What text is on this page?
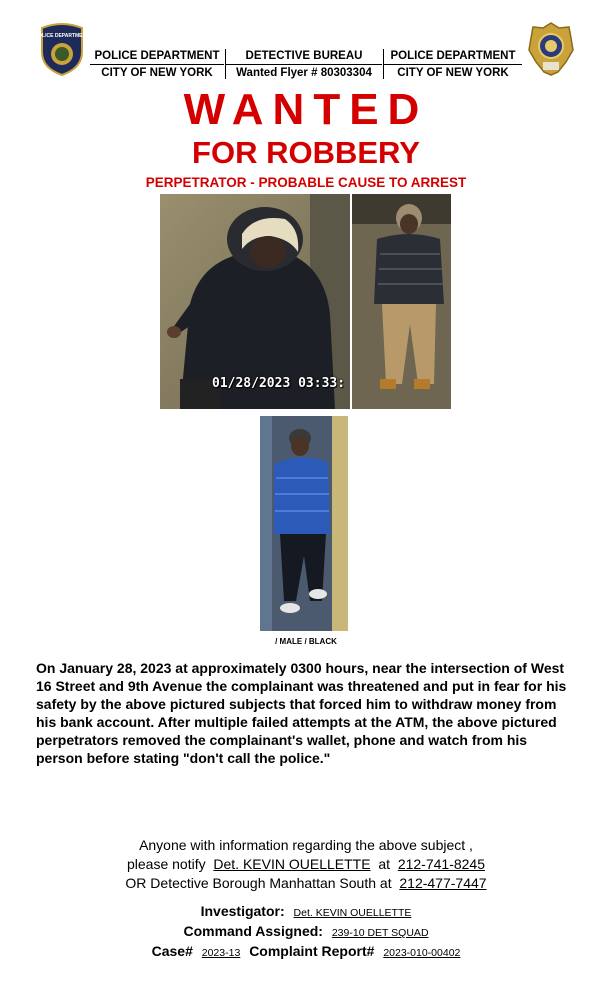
POLICE DEPARTMENT
POLICE DEPARTMENT
CITY OF NEW YORK
DETECTIVE BUREAU
Wanted Flyer # 80303304
POLICE DEPARTMENT
CITY OF NEW YORK
WANTED
FOR ROBBERY
PERPETRATOR - PROBABLE CAUSE TO ARREST
01/28/2023 03:33:
/ MALE / BLACK
On January 28, 2023 at approximately 0300 hours, near the intersection of West 16 Street and 9th Avenue the complainant was threatened and put in fear for his safety by the above pictured subjects that forced him to withdraw money from his bank account. After multiple failed attempts at the ATM, the above pictured perpetrators removed the complainant's wallet, phone and watch from his person before stating "don't call the police."
Anyone with information regarding the above subject ,
please notify Det. KEVIN OUELLETTE at 212-741-8245
OR Detective Borough Manhattan South at 212-477-7447
Investigator: Det. KEVIN OUELLETTE
Command Assigned: 239-10 DET SQUAD
Case# 2023-13 Complaint Report# 2023-010-00402
